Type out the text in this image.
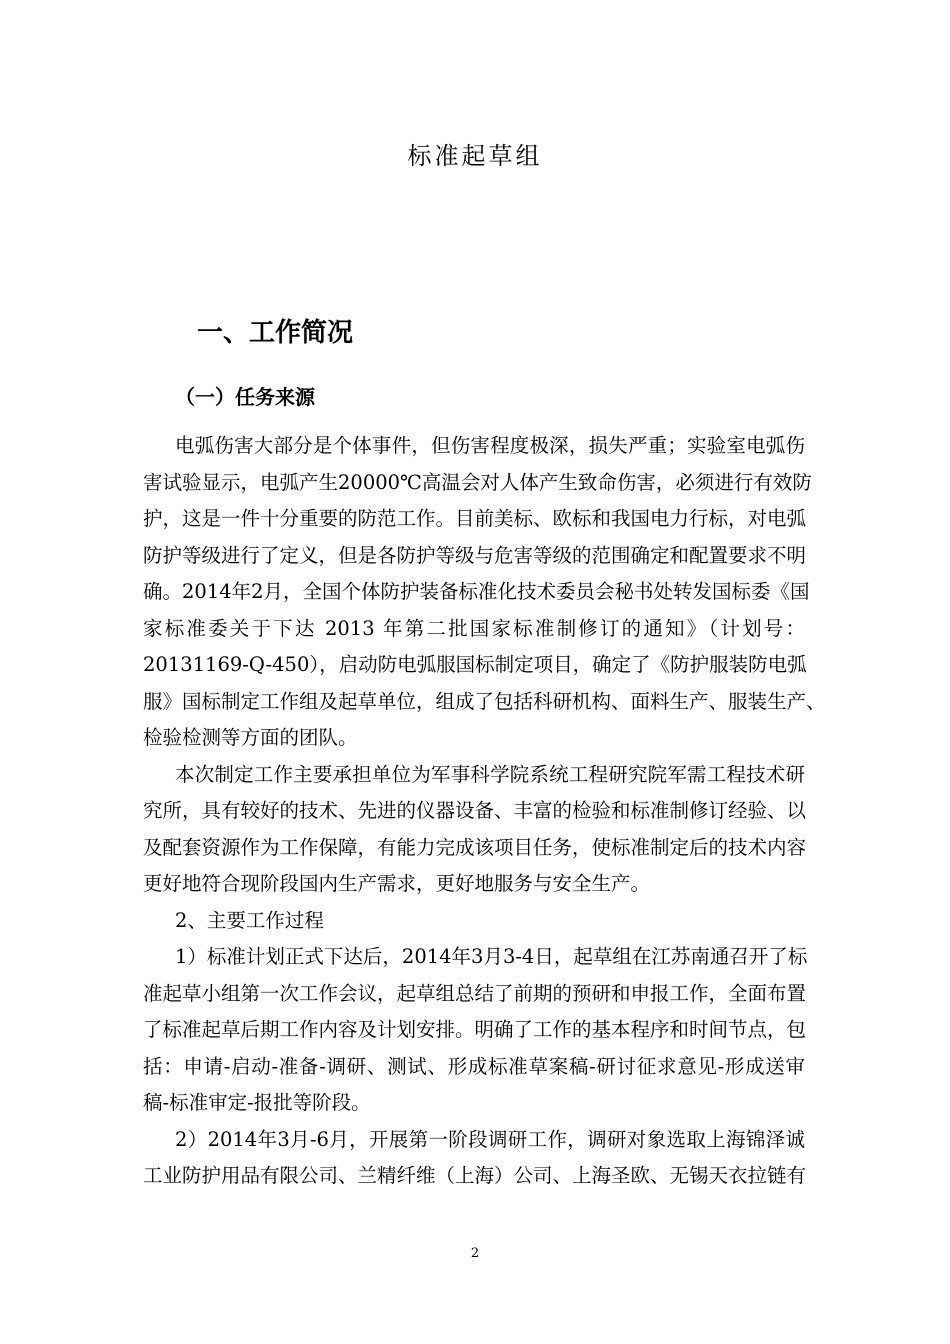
标准起草组
一、工作简况
（一）任务来源
电弧伤害大部分是个体事件，但伤害程度极深，损失严重；实验室电弧伤
害试验显示，电弧产生20000℃高温会对人体产生致命伤害，必须进行有效防
护，这是一件十分重要的防范工作。目前美标、欧标和我国电力行标，对电弧
防护等级进行了定义，但是各防护等级与危害等级的范围确定和配置要求不明
确。2014年2月，全国个体防护装备标准化技术委员会秘书处转发国标委《国
家标准委关于下达 2013 年第二批国家标准制修订的通知》（计划号：
20131169-Q-450），启动防电弧服国标制定项目，确定了《防护服装防电弧
服》国标制定工作组及起草单位，组成了包括科研机构、面料生产、服装生产、
检验检测等方面的团队。
本次制定工作主要承担单位为军事科学院系统工程研究院军需工程技术研
究所，具有较好的技术、先进的仪器设备、丰富的检验和标准制修订经验、以
及配套资源作为工作保障，有能力完成该项目任务，使标准制定后的技术内容
更好地符合现阶段国内生产需求，更好地服务与安全生产。
2、主要工作过程
1）标准计划正式下达后，2014年3月3-4日，起草组在江苏南通召开了标
准起草小组第一次工作会议，起草组总结了前期的预研和申报工作，全面布置
了标准起草后期工作内容及计划安排。明确了工作的基本程序和时间节点，包
括：申请-启动-准备-调研、测试、形成标准草案稿-研讨征求意见-形成送审
稿-标准审定-报批等阶段。
2）2014年3月-6月，开展第一阶段调研工作，调研对象选取上海锦泽诚
工业防护用品有限公司、兰精纤维（上海）公司、上海圣欧、无锡天衣拉链有
2
